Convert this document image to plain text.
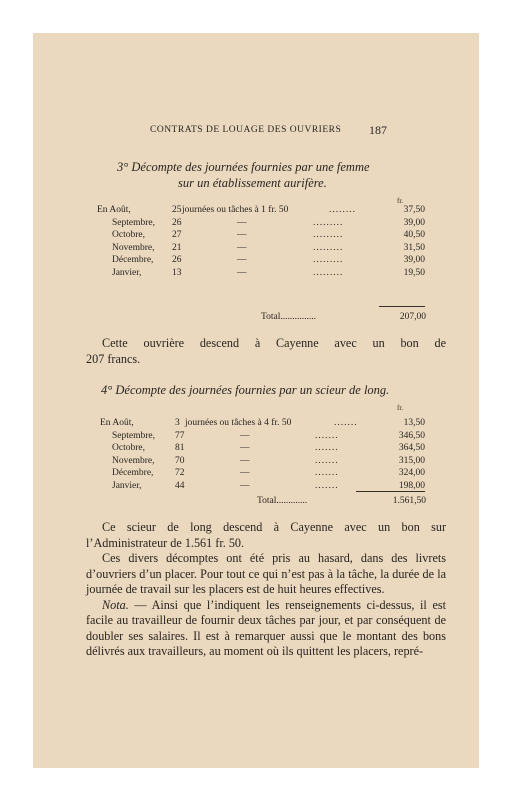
CONTRATS DE LOUAGE DES OUVRIERS 187
3° Décompte des journées fournies par une femme
sur un établissement aurifère.
fr.
En Août,	25 journées ou tâches à 1 fr. 50	37,50
Septembre, 26	—	.........	39,00
Octobre,	27	—	.........	40,50
Novembre, 21	—	.........	31,50
Décembre, 26	—	.........	39,00
Janvier,	13	—	.........	19,50
........
Total...............	207,00

Cette ouvrière descend à Cayenne avec un bon de

207 francs.

4° Décompte des journées fournies par un scieur de long.
fr.
En Août,	3 journées ou tâches à 4 fr. 50	13,50
Septembre, 77	—	.......	346,50
Octobre,	81	—	.......	364,50
Novembre, 70	—	.......	315,00
Décembre, 72	—	.......	324,00
Janvier,	44	—	.......	198,00
.......
Total.............	1.561,50

Ce scieur de long descend à Cayenne avec un bon sur l’Administrateur de 1.561 fr. 50.

Ces divers décomptes ont été pris au hasard, dans des livrets d’ouvriers d’un placer. Pour tout ce qui n’est pas à la tâche, la durée de la journée de travail sur les placers est de huit heures effectives.

Nota. — Ainsi que l’indiquent les renseignements ci-dessus, il est facile au travailleur de fournir deux tâches par jour, et par conséquent de doubler ses salaires. Il est à remarquer aussi que le montant des bons délivrés aux travailleurs, au moment où ils quittent les placers, repré-
